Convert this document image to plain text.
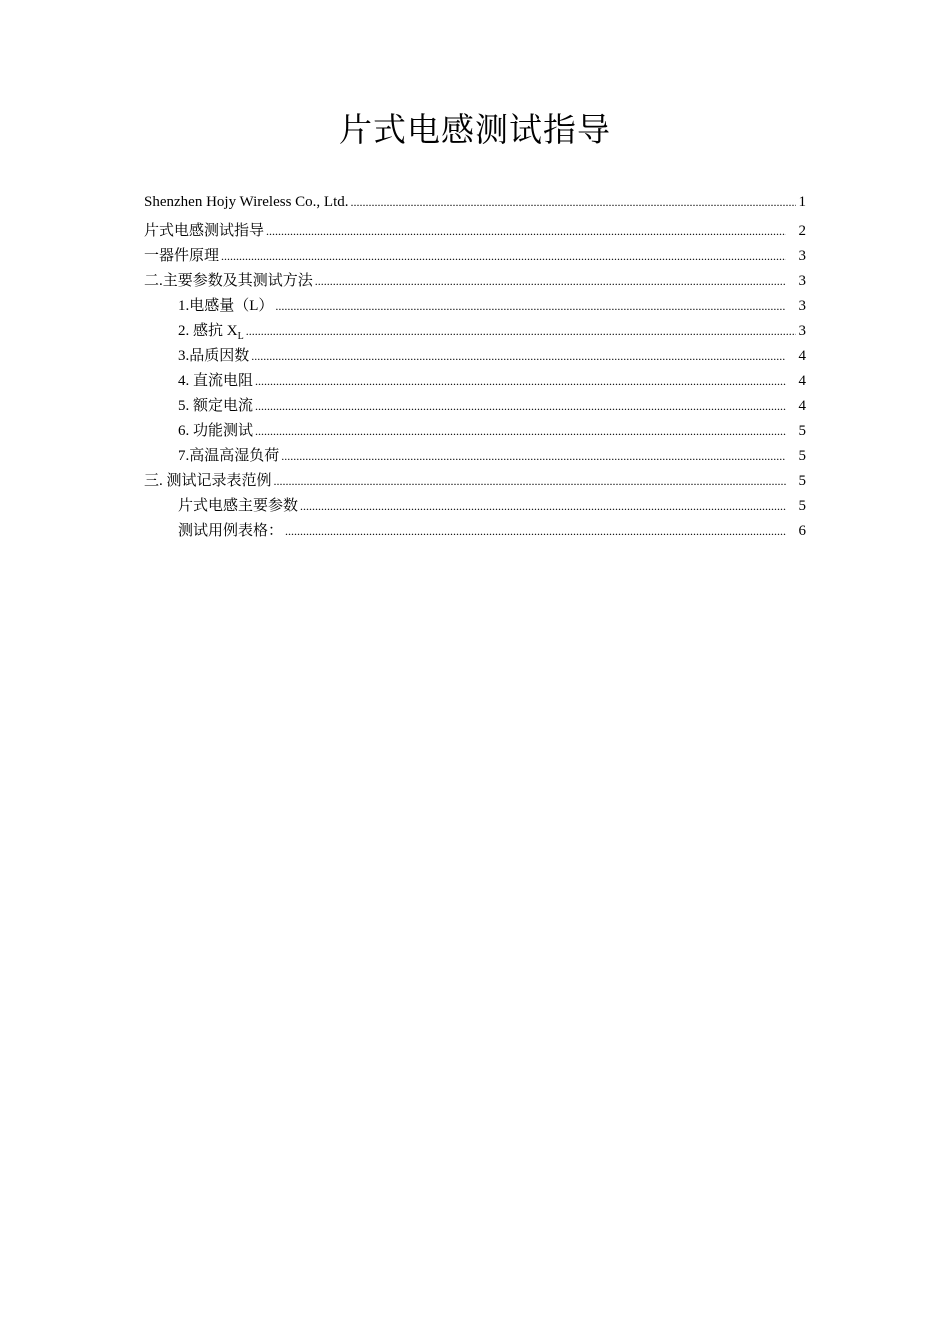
片式电感测试指导
Shenzhen Hojy Wireless Co., Ltd. .....	1
片式电感测试指导 .....	2
一器件原理 .....	3
二.主要参数及其测试方法 .....	3
1.电感量（L） .....	3
2. 感抗 $X_L$ .....	3
3.品质因数 .....	4
4. 直流电阻 .....	4
5. 额定电流 .....	4
6. 功能测试 .....	5
7.高温高湿负荷 .....	5
三. 测试记录表范例 .....	5
片式电感主要参数 .....	5
测试用例表格： .....	6
